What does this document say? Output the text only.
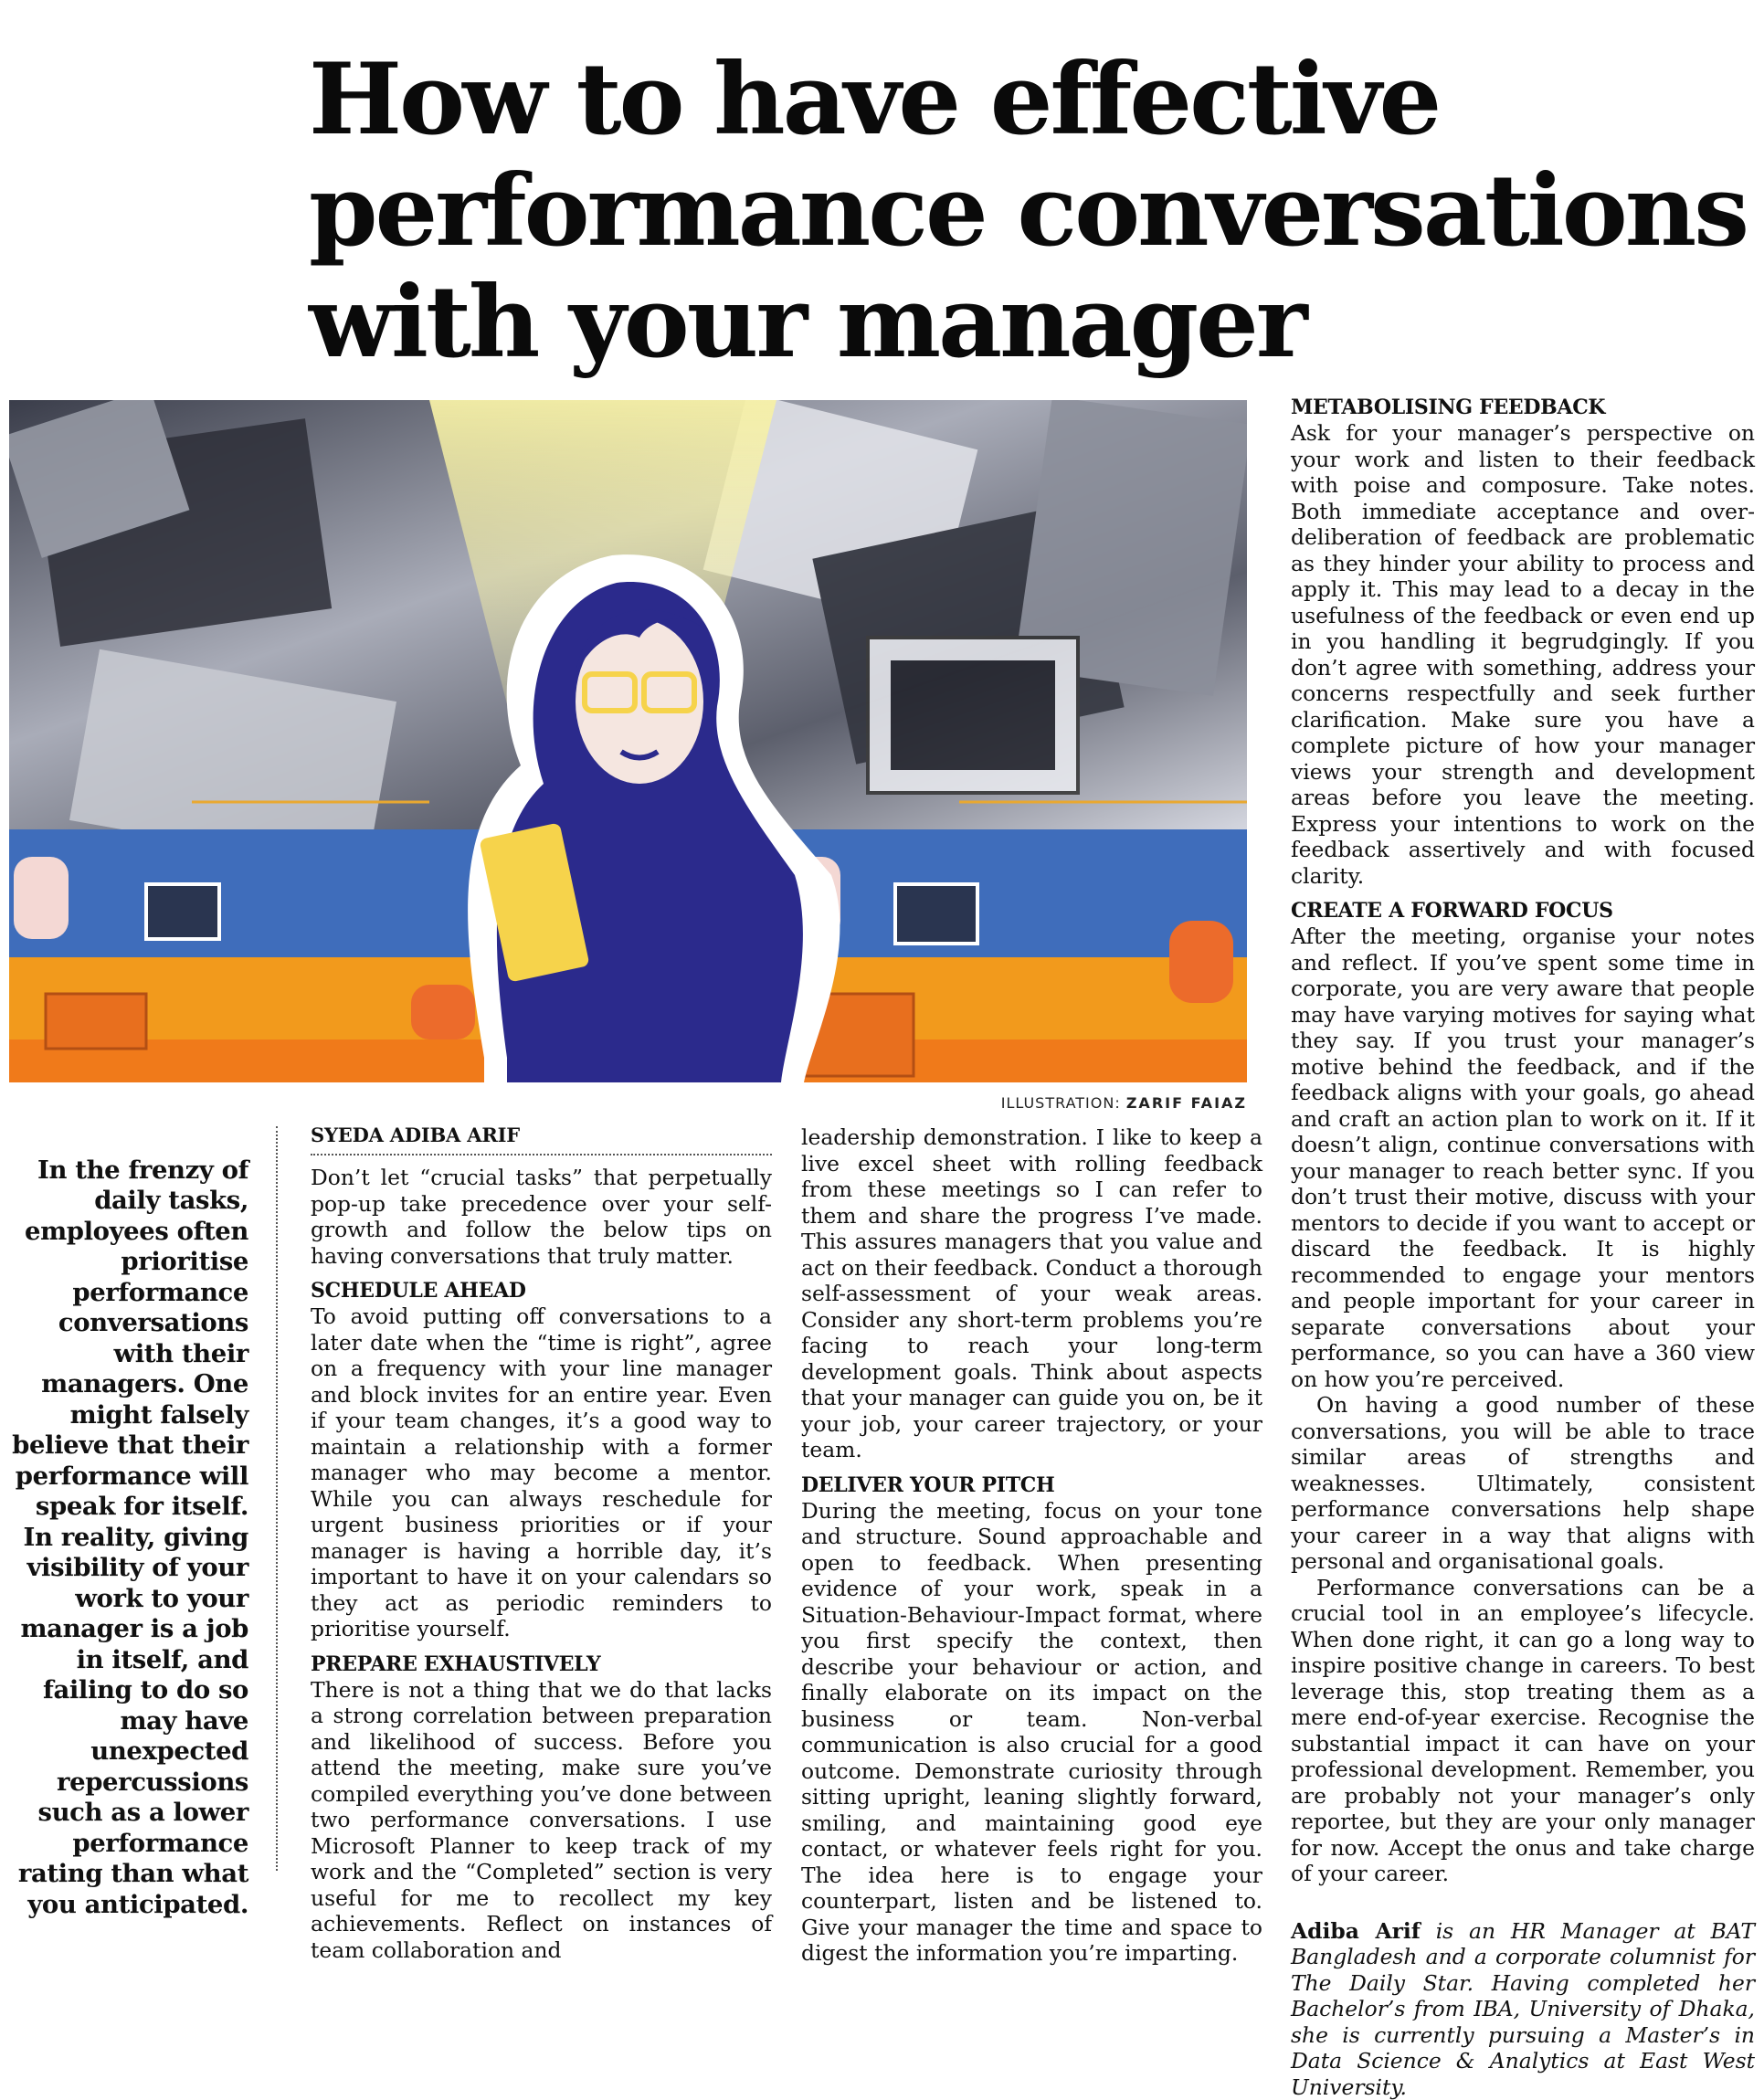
How to have effective
performance conversations
with your manager
ILLUSTRATION: ZARIF FAIAZ

In the frenzy of daily tasks, employees often prioritise performance conversations with their managers. One might falsely believe that their performance will speak for itself. In reality, giving visibility of your work to your manager is a job in itself, and failing to do so may have unexpected repercussions such as a lower performance rating than what you anticipated.

SYEDA ADIBA ARIF

Don’t let “crucial tasks” that perpetually pop-up take precedence over your self-growth and follow the below tips on having conversations that truly matter.

SCHEDULE AHEAD

To avoid putting off conversations to a later date when the “time is right”, agree on a frequency with your line manager and block invites for an entire year. Even if your team changes, it’s a good way to maintain a relationship with a former manager who may become a mentor. While you can always reschedule for urgent business priorities or if your manager is having a horrible day, it’s important to have it on your calendars so they act as periodic reminders to prioritise yourself.

PREPARE EXHAUSTIVELY

There is not a thing that we do that lacks a strong correlation between preparation and likelihood of success. Before you attend the meeting, make sure you’ve compiled everything you’ve done between two performance conversations. I use Microsoft Planner to keep track of my work and the “Completed” section is very useful for me to recollect my key achievements. Reflect on instances of team collaboration and

leadership demonstration. I like to keep a live excel sheet with rolling feedback from these meetings so I can refer to them and share the progress I’ve made. This assures managers that you value and act on their feedback. Conduct a thorough self-assessment of your weak areas. Consider any short-term problems you’re facing to reach your long-term development goals. Think about aspects that your manager can guide you on, be it your job, your career trajectory, or your team.

DELIVER YOUR PITCH

During the meeting, focus on your tone and structure. Sound approachable and open to feedback. When presenting evidence of your work, speak in a Situation-Behaviour-Impact format, where you first specify the context, then describe your behaviour or action, and finally elaborate on its impact on the business or team. Non-verbal communication is also crucial for a good outcome. Demonstrate curiosity through sitting upright, leaning slightly forward, smiling, and maintaining good eye contact, or whatever feels right for you. The idea here is to engage your counterpart, listen and be listened to. Give your manager the time and space to digest the information you’re imparting.

METABOLISING FEEDBACK

Ask for your manager’s perspective on your work and listen to their feedback with poise and composure. Take notes. Both immediate acceptance and over-deliberation of feedback are problematic as they hinder your ability to process and apply it. This may lead to a decay in the usefulness of the feedback or even end up in you handling it begrudgingly. If you don’t agree with something, address your concerns respectfully and seek further clarification. Make sure you have a complete picture of how your manager views your strength and development areas before you leave the meeting. Express your intentions to work on the feedback assertively and with focused clarity.

CREATE A FORWARD FOCUS

After the meeting, organise your notes and reflect. If you’ve spent some time in corporate, you are very aware that people may have varying motives for saying what they say. If you trust your manager’s motive behind the feedback, and if the feedback aligns with your goals, go ahead and craft an action plan to work on it. If it doesn’t align, continue conversations with your manager to reach better sync. If you don’t trust their motive, discuss with your mentors to decide if you want to accept or discard the feedback. It is highly recommended to engage your mentors and people important for your career in separate conversations about your performance, so you can have a 360 view on how you’re perceived.

On having a good number of these conversations, you will be able to trace similar areas of strengths and weaknesses. Ultimately, consistent performance conversations help shape your career in a way that aligns with personal and organisational goals.

Performance conversations can be a crucial tool in an employee’s lifecycle. When done right, it can go a long way to inspire positive change in careers. To best leverage this, stop treating them as a mere end-of-year exercise. Recognise the substantial impact it can have on your professional development. Remember, you are probably not your manager’s only reportee, but they are your only manager for now. Accept the onus and take charge of your career.

Adiba Arif is an HR Manager at BAT Bangladesh and a corporate columnist for The Daily Star. Having completed her Bachelor’s from IBA, University of Dhaka, she is currently pursuing a Master’s in Data Science & Analytics at East West University.
